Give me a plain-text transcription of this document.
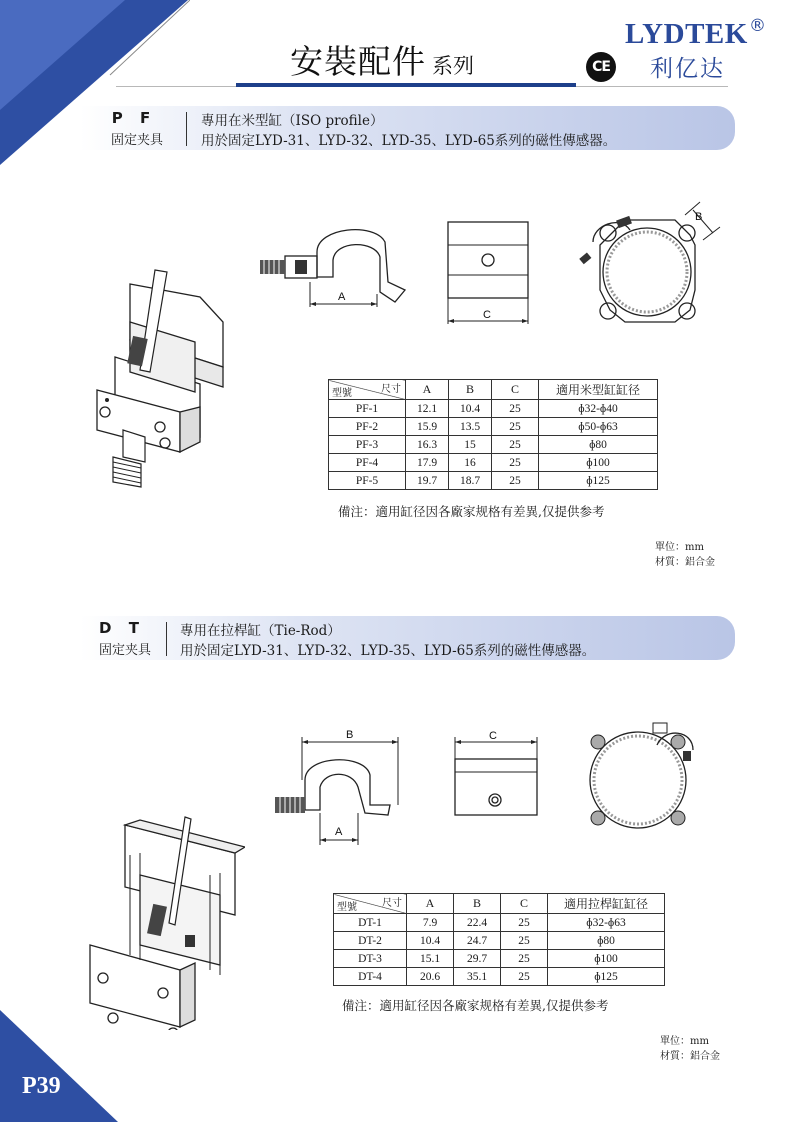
P39
安裝配件 系列	CE
LYDTEK ®
利亿达
P F
固定夹具
專用在米型缸（ISO profile）
用於固定LYD-31、LYD-32、LYD-35、LYD-65系列的磁性傳感器。
A
C
B
尺寸
型號	A	B	C	適用米型缸缸径
PF-1	12.1	10.4	25	ɸ32-ɸ40
PF-2	15.9	13.5	25	ɸ50-ɸ63
PF-3	16.3	15	25	ɸ80
PF-4	17.9	16	25	ɸ100
PF-5	19.7	18.7	25	ɸ125
備注：適用缸径因各廠家规格有差異,仅提供参考
單位：mm
材質：鋁合金
D T
固定夹具
專用在拉桿缸（Tie-Rod）
用於固定LYD-31、LYD-32、LYD-35、LYD-65系列的磁性傳感器。
B
A
C
尺寸
型號	A	B	C	適用拉桿缸缸径
DT-1	7.9	22.4	25	ɸ32-ɸ63
DT-2	10.4	24.7	25	ɸ80
DT-3	15.1	29.7	25	ɸ100
DT-4	20.6	35.1	25	ɸ125
備注：適用缸径因各廠家规格有差異,仅提供参考
單位：mm
材質：鋁合金
